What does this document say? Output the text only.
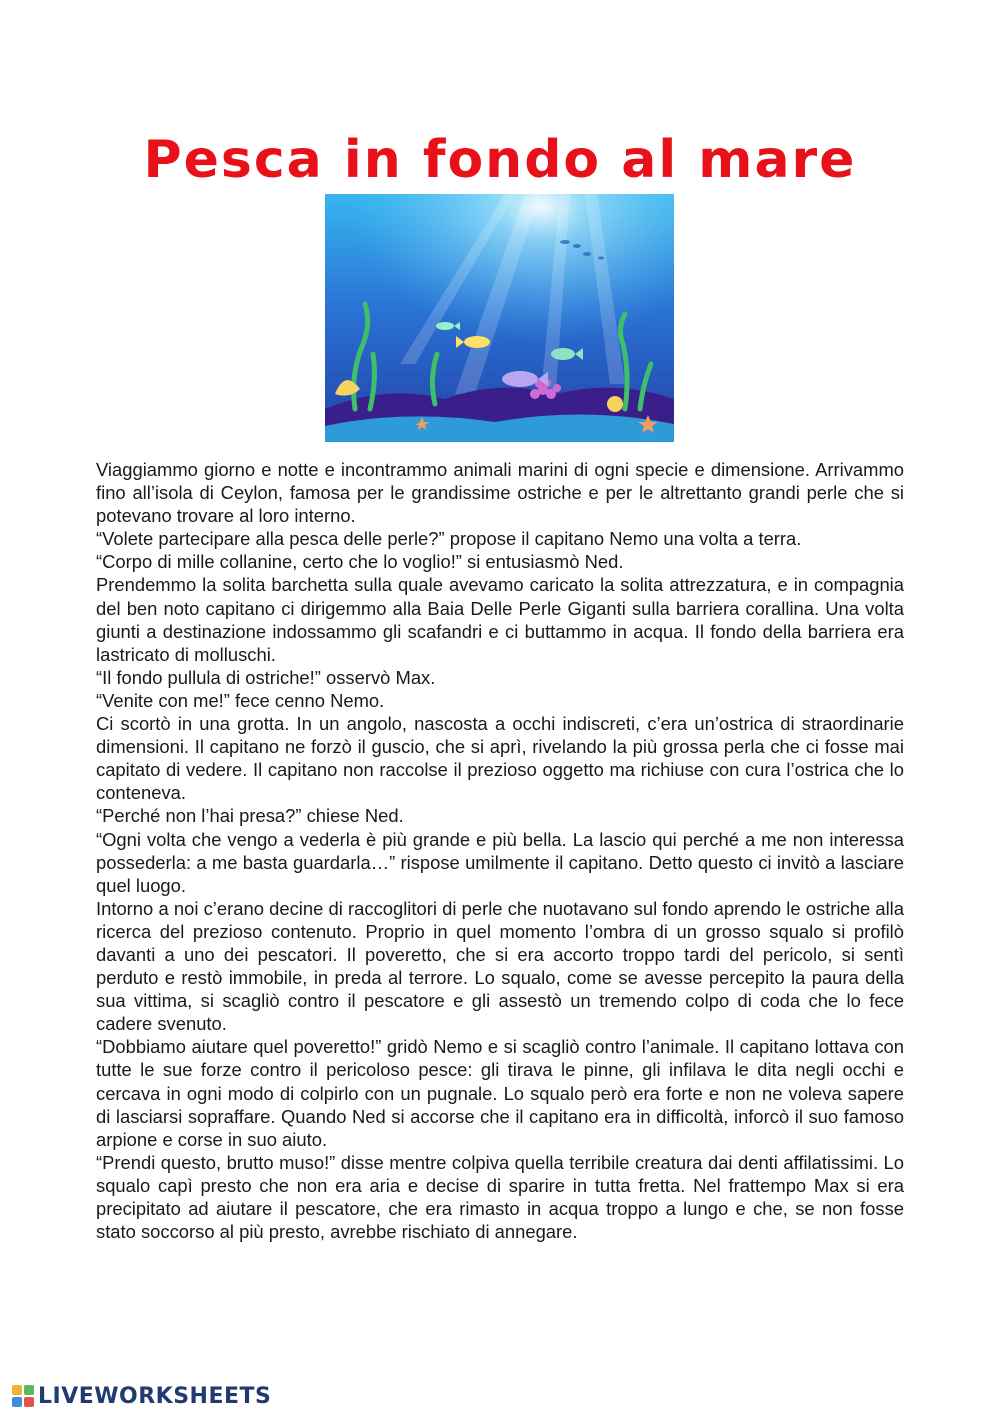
Pesca in fondo al mare

Viaggiammo giorno e notte e incontrammo animali marini di ogni specie e dimensione. Arrivammo fino all’isola di Ceylon, famosa per le grandissime ostriche e per le altrettanto grandi perle che si potevano trovare al loro interno.

“Volete partecipare alla pesca delle perle?” propose il capitano Nemo una volta a terra.

“Corpo di mille collanine, certo che lo voglio!” si entusiasmò Ned.

Prendemmo la solita barchetta sulla quale avevamo caricato la solita attrezzatura, e in compagnia del ben noto capitano ci dirigemmo alla Baia Delle Perle Giganti sulla barriera corallina. Una volta giunti a destinazione indossammo gli scafandri e ci buttammo in acqua. Il fondo della barriera era lastricato di molluschi.

“Il fondo pullula di ostriche!” osservò Max.

“Venite con me!” fece cenno Nemo.

Ci scortò in una grotta. In un angolo, nascosta a occhi indiscreti, c’era un’ostrica di straordinarie dimensioni. Il capitano ne forzò il guscio, che si aprì, rivelando la più grossa perla che ci fosse mai capitato di vedere. Il capitano non raccolse il prezioso oggetto ma richiuse con cura l’ostrica che lo conteneva.

“Perché non l’hai presa?” chiese Ned.

“Ogni volta che vengo a vederla è più grande e più bella. La lascio qui perché a me non interessa possederla: a me basta guardarla…” rispose umilmente il capitano. Detto questo ci invitò a lasciare quel luogo.

Intorno a noi c’erano decine di raccoglitori di perle che nuotavano sul fondo aprendo le ostriche alla ricerca del prezioso contenuto. Proprio in quel momento l’ombra di un grosso squalo si profilò davanti a uno dei pescatori. Il poveretto, che si era accorto troppo tardi del pericolo, si sentì perduto e restò immobile, in preda al terrore. Lo squalo, come se avesse percepito la paura della sua vittima, si scagliò contro il pescatore e gli assestò un tremendo colpo di coda che lo fece cadere svenuto.

“Dobbiamo aiutare quel poveretto!” gridò Nemo e si scagliò contro l’animale. Il capitano lottava con tutte le sue forze contro il pericoloso pesce: gli tirava le pinne, gli infilava le dita negli occhi e cercava in ogni modo di colpirlo con un pugnale. Lo squalo però era forte e non ne voleva sapere di lasciarsi sopraffare. Quando Ned si accorse che il capitano era in difficoltà, inforcò il suo famoso arpione e corse in suo aiuto.

“Prendi questo, brutto muso!” disse mentre colpiva quella terribile creatura dai denti affilatissimi. Lo squalo capì presto che non era aria e decise di sparire in tutta fretta. Nel frattempo Max si era precipitato ad aiutare il pescatore, che era rimasto in acqua troppo a lungo e che, se non fosse stato soccorso al più presto, avrebbe rischiato di annegare.

LIVEWORKSHEETS
